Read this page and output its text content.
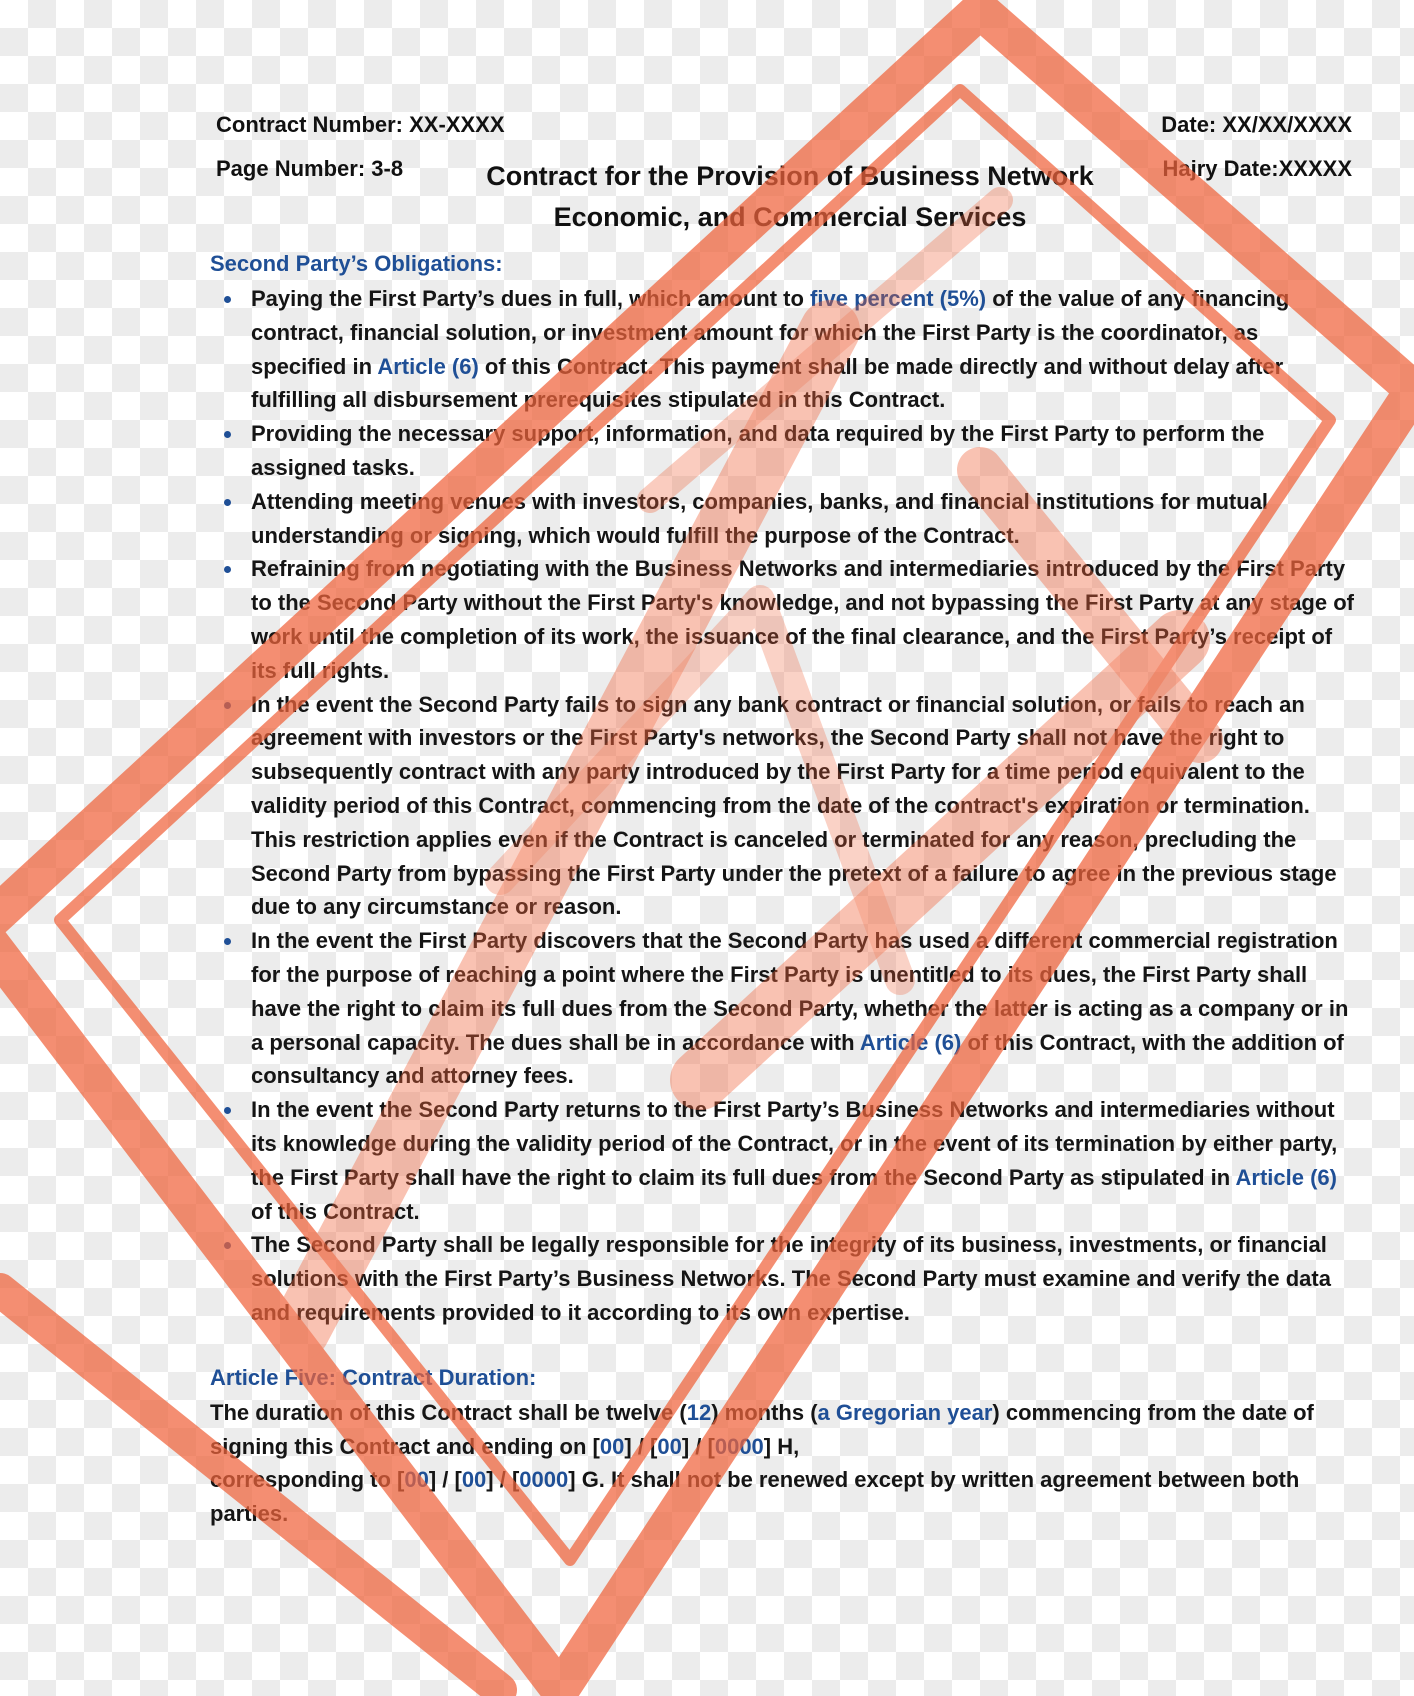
Contract Number: XX-XXXX
Page Number: 3-8
Date: XX/XX/XXXX
Hajry Date:XXXXX
Contract for the Provision of Business Network
Economic, and Commercial Services
Second Party’s Obligations:
Paying the First Party’s dues in full, which amount to five percent (5%) of the value of any financing contract, financial solution, or investment amount for which the First Party is the coordinator, as specified in Article (6) of this Contract. This payment shall be made directly and without delay after fulfilling all disbursement prerequisites stipulated in this Contract.
Providing the necessary support, information, and data required by the First Party to perform the assigned tasks.
Attending meeting venues with investors, companies, banks, and financial institutions for mutual understanding or signing, which would fulfill the purpose of the Contract.
Refraining from negotiating with the Business Networks and intermediaries introduced by the First Party to the Second Party without the First Party's knowledge, and not bypassing the First Party at any stage of work until the completion of its work, the issuance of the final clearance, and the First Party’s receipt of its full rights.
In the event the Second Party fails to sign any bank contract or financial solution, or fails to reach an agreement with investors or the First Party's networks, the Second Party shall not have the right to subsequently contract with any party introduced by the First Party for a time period equivalent to the validity period of this Contract, commencing from the date of the contract's expiration or termination. This restriction applies even if the Contract is canceled or terminated for any reason, precluding the Second Party from bypassing the First Party under the pretext of a failure to agree in the previous stage due to any circumstance or reason.
In the event the First Party discovers that the Second Party has used a different commercial registration for the purpose of reaching a point where the First Party is unentitled to its dues, the First Party shall have the right to claim its full dues from the Second Party, whether the latter is acting as a company or in a personal capacity. The dues shall be in accordance with Article (6) of this Contract, with the addition of consultancy and attorney fees.
In the event the Second Party returns to the First Party’s Business Networks and intermediaries without its knowledge during the validity period of the Contract, or in the event of its termination by either party, the First Party shall have the right to claim its full dues from the Second Party as stipulated in Article (6) of this Contract.
The Second Party shall be legally responsible for the integrity of its business, investments, or financial solutions with the First Party’s Business Networks. The Second Party must examine and verify the data and requirements provided to it according to its own expertise.
Article Five: Contract Duration:

The duration of this Contract shall be twelve (12) months (a Gregorian year) commencing from the date of signing this Contract and ending on [00] / [00] / [0000] H,
corresponding to [00] / [00] / [0000] G. It shall not be renewed except by written agreement between both parties.
